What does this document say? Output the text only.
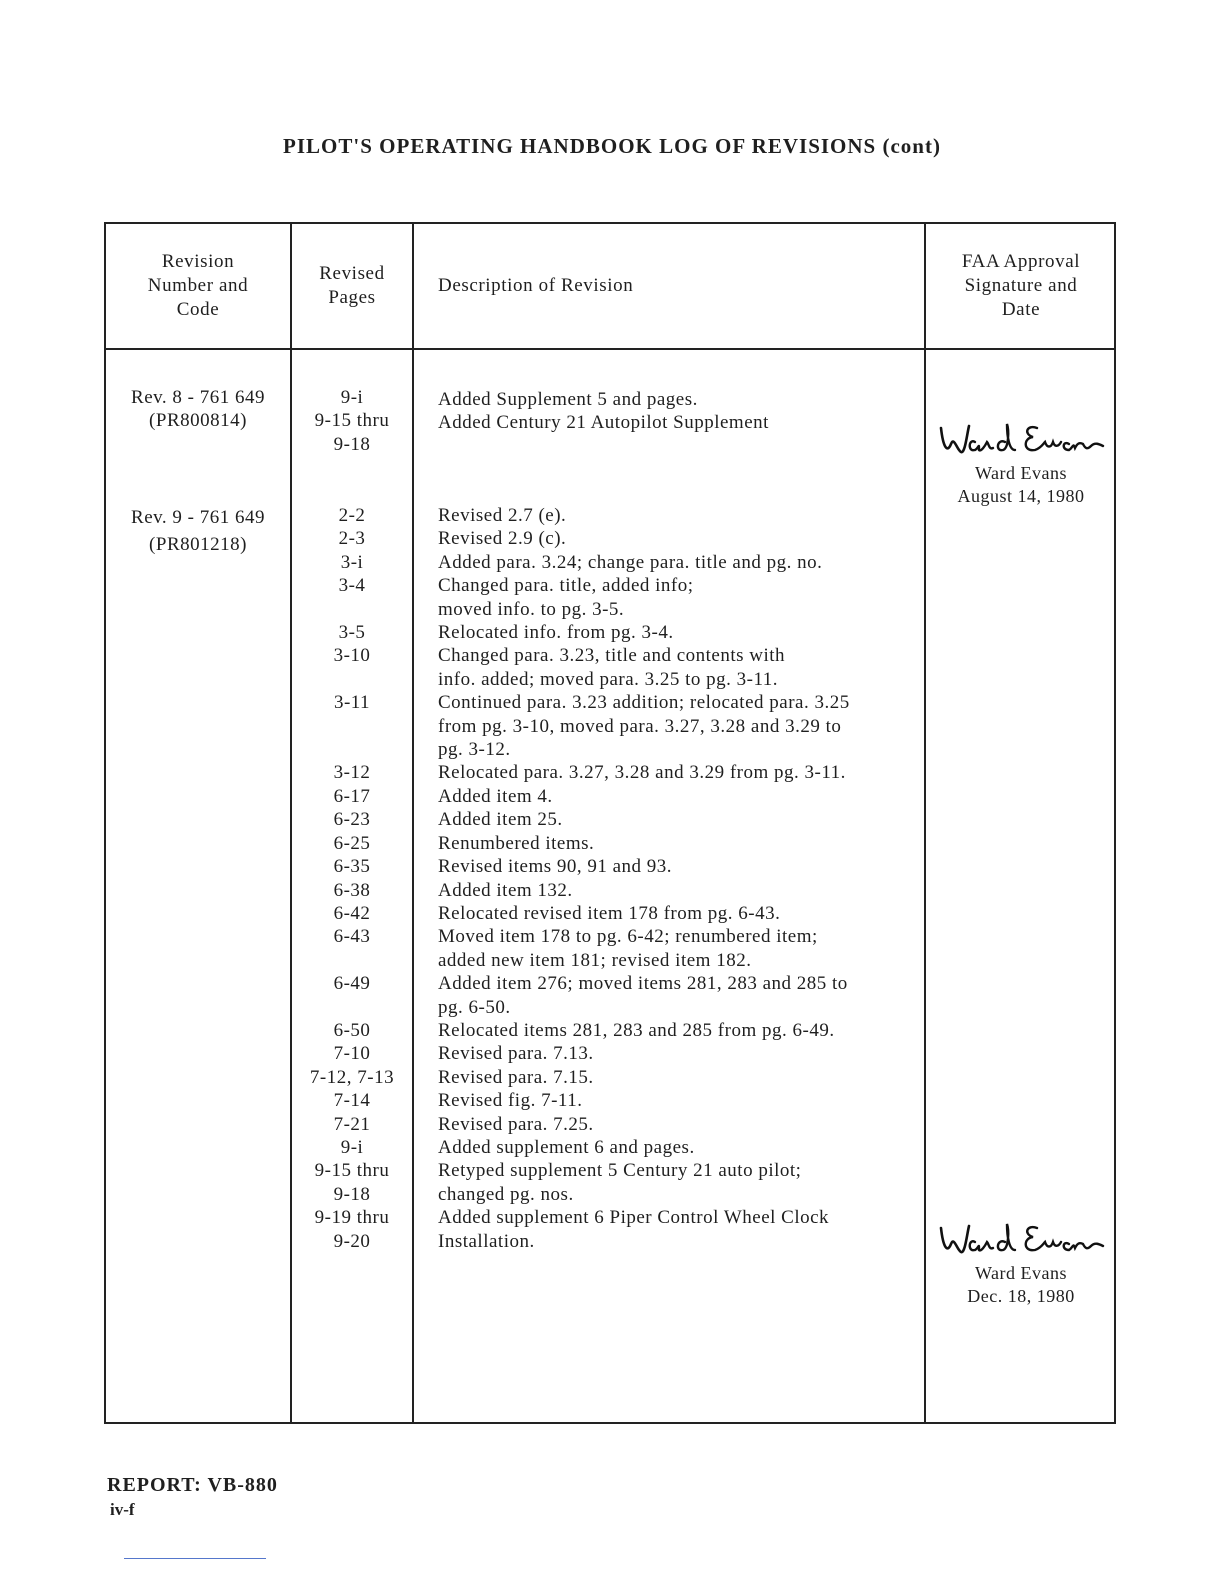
PILOT'S OPERATING HANDBOOK LOG OF REVISIONS (cont)
Revision
Number and
Code
Revised
Pages
Description of Revision
FAA Approval
Signature and
Date
Rev. 8 - 761 649
(PR800814)
9-i
9-15 thru
9-18
Added Supplement 5 and pages.
Added Century 21 Autopilot Supplement
Ward Evans
August 14, 1980
Rev. 9 - 761 649
(PR801218)
2-2
2-3
3-i
3-4

3-5
3-10

3-11

3-12
6-17
6-23
6-25
6-35
6-38
6-42
6-43

6-49

6-50
7-10
7-12, 7-13
7-14
7-21
9-i
9-15 thru
9-18
9-19 thru
9-20
Revised 2.7 (e).
Revised 2.9 (c).
Added para. 3.24; change para. title and pg. no.
Changed para. title, added info;
moved info. to pg. 3-5.
Relocated info. from pg. 3-4.
Changed para. 3.23, title and contents with
info. added; moved para. 3.25 to pg. 3-11.
Continued para. 3.23 addition; relocated para. 3.25
from pg. 3-10, moved para. 3.27, 3.28 and 3.29 to
pg. 3-12.
Relocated para. 3.27, 3.28 and 3.29 from pg. 3-11.
Added item 4.
Added item 25.
Renumbered items.
Revised items 90, 91 and 93.
Added item 132.
Relocated revised item 178 from pg. 6-43.
Moved item 178 to pg. 6-42; renumbered item;
added new item 181; revised item 182.
Added item 276; moved items 281, 283 and 285 to
pg. 6-50.
Relocated items 281, 283 and 285 from pg. 6-49.
Revised para. 7.13.
Revised para. 7.15.
Revised fig. 7-11.
Revised para. 7.25.
Added supplement 6 and pages.
Retyped supplement 5 Century 21 auto pilot;
changed pg. nos.
Added supplement 6 Piper Control Wheel Clock
Installation.
Ward Evans
Dec. 18, 1980
REPORT: VB-880
iv-f
